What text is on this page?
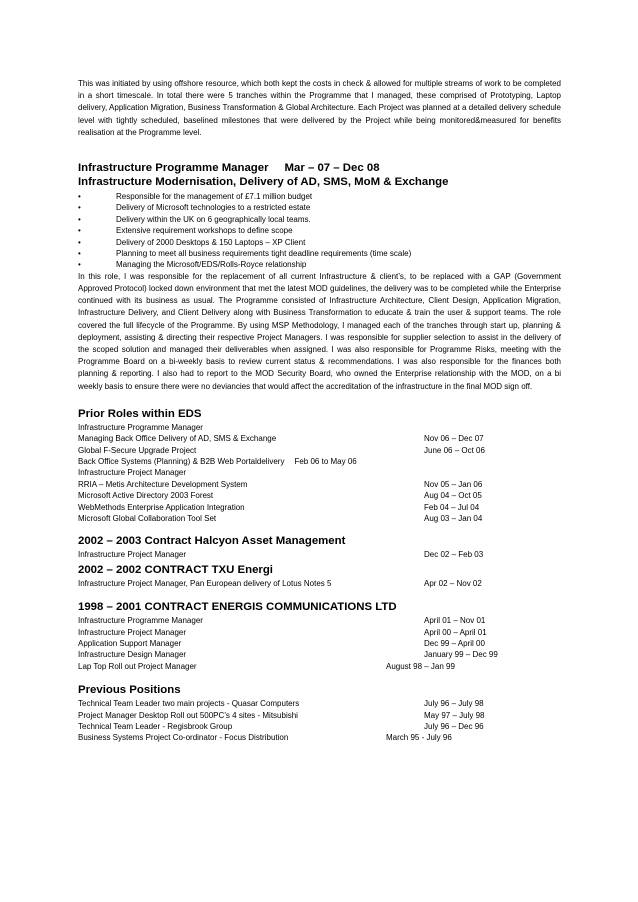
This was initiated by using offshore resource, which both kept the costs in check & allowed for multiple streams of work to be completed in a short timescale. In total there were 5 tranches within the Programme that I managed, these comprised of Prototyping, Laptop delivery, Application Migration, Business Transformation & Global Architecture. Each Project was planned at a detailed delivery schedule level with tightly scheduled, baselined milestones that were delivered by the Project while being monitored&measured for benefits realisation at the Programme level.

Infrastructure Programme Manager Mar – 07 – Dec 08
Infrastructure Modernisation, Delivery of AD, SMS, MoM & Exchange
•	Responsible for the management of £7.1 million budget
•	Delivery of Microsoft technologies to a restricted estate
•	Delivery within the UK on 6 geographically local teams.
•	Extensive requirement workshops to define scope
•	Delivery of 2000 Desktops & 150 Laptops – XP Client
•	Planning to meet all business requirements tight deadline requirements (time scale)
•	Managing the Microsoft/EDS/Rolls-Royce relationship

In this role, I was responsible for the replacement of all current Infrastructure & client’s, to be replaced with a GAP (Government Approved Protocol) locked down environment that met the latest MOD guidelines, the delivery was to be completed while the Enterprise continued with its business as usual. The Programme consisted of Infrastructure Architecture, Client Design, Application Migration, Infrastructure Delivery, and Client Delivery along with Business Transformation to educate & train the user & support teams. The role covered the full lifecycle of the Programme. By using MSP Methodology, I managed each of the tranches through start up, planning & deployment, assisting & directing their respective Project Managers. I was responsible for supplier selection to assist in the delivery of the scoped solution and managed their deliverables when assigned. I was also responsible for Programme Risks, meeting with the Programme Board on a bi-weekly basis to review current status & recommendations. I was also responsible for the finances both planning & reporting. I also had to report to the MOD Security Board, who owned the Enterprise relationship with the MOD, on a bi weekly basis to ensure there were no deviancies that would affect the accreditation of the infrastructure in the final MOD sign off.

Prior Roles within EDS
Infrastructure Programme Manager
Managing Back Office Delivery of AD, SMS & Exchange	Nov 06 – Dec 07
Global F-Secure Upgrade Project	June 06 – Oct 06
Back Office Systems (Planning) & B2B Web Portaldelivery Feb 06 to May 06
Infrastructure Project Manager
RRIA – Metis Architecture Development System	Nov 05 – Jan 06
Microsoft Active Directory 2003 Forest	Aug 04 – Oct 05
WebMethods Enterprise Application Integration	Feb 04 – Jul 04
Microsoft Global Collaboration Tool Set	Aug 03 – Jan 04
2002 – 2003 Contract Halcyon Asset Management
Infrastructure Project Manager	Dec 02 – Feb 03
2002 – 2002 CONTRACT TXU Energi
Infrastructure Project Manager, Pan European delivery of Lotus Notes 5	Apr 02 – Nov 02
1998 – 2001 CONTRACT ENERGIS COMMUNICATIONS LTD
Infrastructure Programme Manager	April 01 – Nov 01
Infrastructure Project Manager	April 00 – April 01
Application Support Manager	Dec 99 – April 00
Infrastructure Design Manager	January 99 – Dec 99
Lap Top Roll out Project Manager	August 98 – Jan 99
Previous Positions
Technical Team Leader two main projects - Quasar Computers	July 96 – July 98
Project Manager Desktop Roll out 500PC’s 4 sites - Mitsubishi	May 97 – July 98
Technical Team Leader - Regisbrook Group	July 96 – Dec 96
Business Systems Project Co-ordinator - Focus Distribution	March 95 - July 96
